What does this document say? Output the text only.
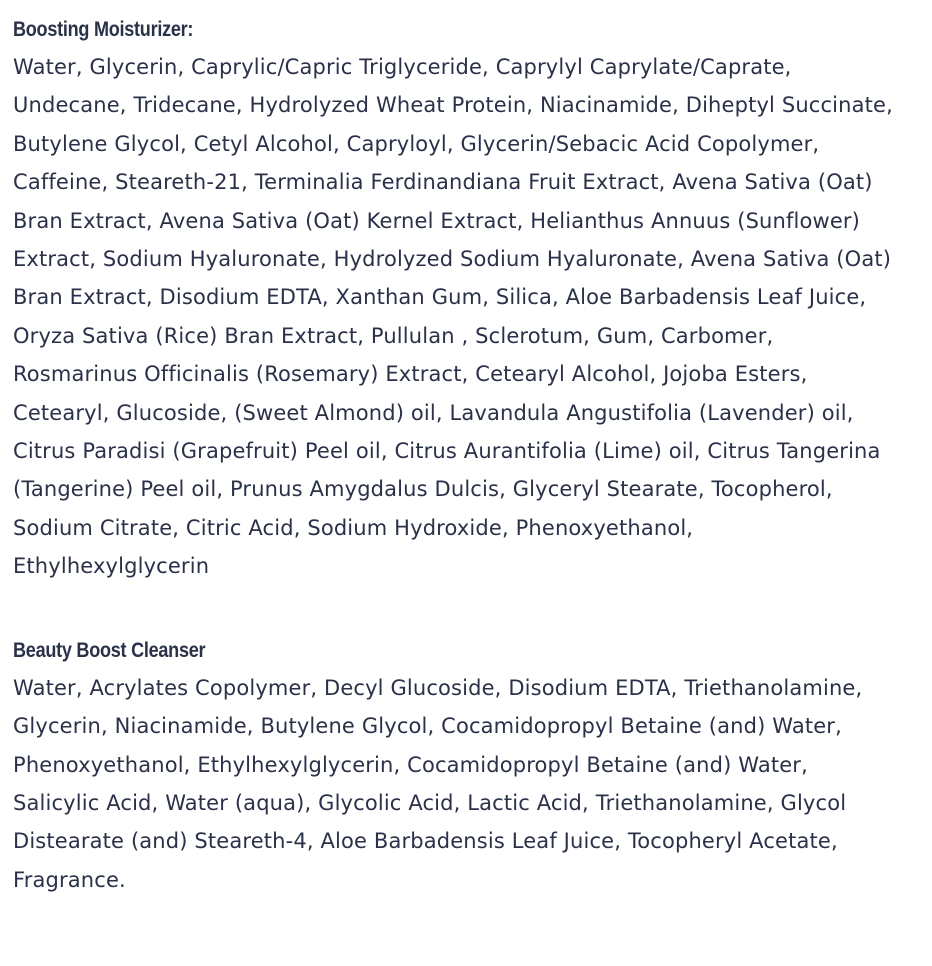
Boosting Moisturizer:

Water, Glycerin, Caprylic/Capric Triglyceride, Caprylyl Caprylate/Caprate, Undecane, Tridecane, Hydrolyzed Wheat Protein, Niacinamide, Diheptyl Succinate, Butylene Glycol, Cetyl Alcohol, Capryloyl, Glycerin/Sebacic Acid Copolymer, Caffeine, Steareth-21, Terminalia Ferdinandiana Fruit Extract, Avena Sativa (Oat) Bran Extract, Avena Sativa (Oat) Kernel Extract, Helianthus Annuus (Sunflower) Extract, Sodium Hyaluronate, Hydrolyzed Sodium Hyaluronate, Avena Sativa (Oat) Bran Extract, Disodium EDTA, Xanthan Gum, Silica, Aloe Barbadensis Leaf Juice, Oryza Sativa (Rice) Bran Extract, Pullulan , Sclerotum, Gum, Carbomer, Rosmarinus Officinalis (Rosemary) Extract, Cetearyl Alcohol, Jojoba Esters, Cetearyl, Glucoside, (Sweet Almond) oil, Lavandula Angustifolia (Lavender) oil, Citrus Paradisi (Grapefruit) Peel oil, Citrus Aurantifolia (Lime) oil, Citrus Tangerina (Tangerine) Peel oil, Prunus Amygdalus Dulcis, Glyceryl Stearate, Tocopherol, Sodium Citrate, Citric Acid, Sodium Hydroxide, Phenoxyethanol, Ethylhexylglycerin

Beauty Boost Cleanser

Water, Acrylates Copolymer, Decyl Glucoside, Disodium EDTA, Triethanolamine, Glycerin, Niacinamide, Butylene Glycol, Cocamidopropyl Betaine (and) Water, Phenoxyethanol, Ethylhexylglycerin, Cocamidopropyl Betaine (and) Water, Salicylic Acid, Water (aqua), Glycolic Acid, Lactic Acid, Triethanolamine, Glycol Distearate (and) Steareth-4, Aloe Barbadensis Leaf Juice, Tocopheryl Acetate, Fragrance.
